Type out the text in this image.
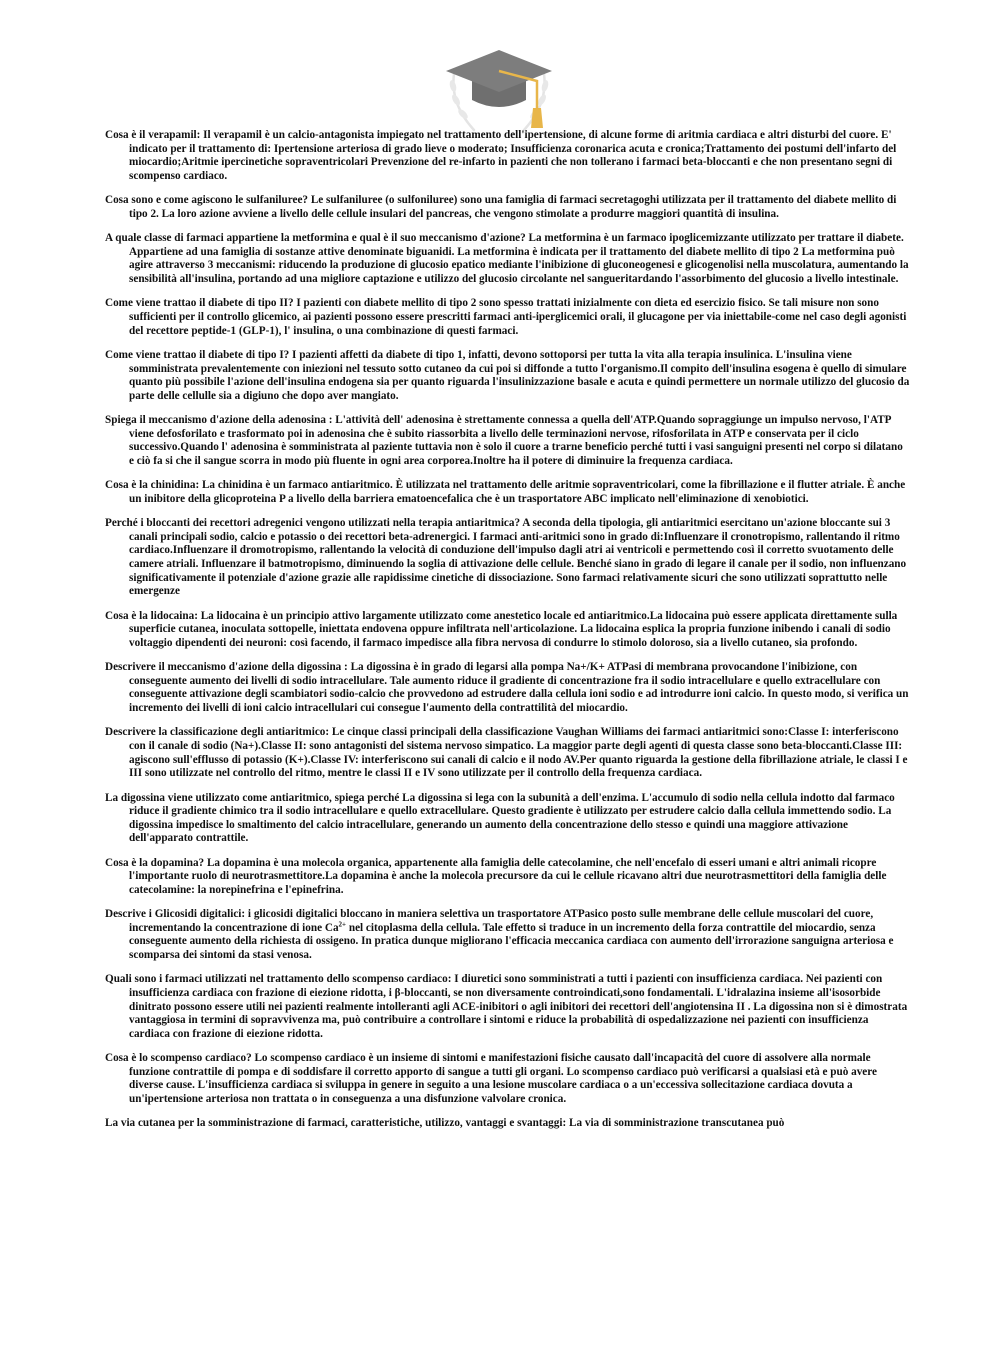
Cosa è il verapamil: Il verapamil è un calcio-antagonista impiegato nel trattamento dell'ipertensione, di alcune forme di aritmia cardiaca e altri disturbi del cuore. E' indicato per il trattamento di: Ipertensione arteriosa di grado lieve o moderato; Insufficienza coronarica acuta e cronica;Trattamento dei postumi dell'infarto del miocardio;Aritmie ipercinetiche sopraventricolari Prevenzione del re-infarto in pazienti che non tollerano i farmaci beta-bloccanti e che non presentano segni di scompenso cardiaco.

Cosa sono e come agiscono le sulfaniluree? Le sulfaniluree (o sulfoniluree) sono una famiglia di farmaci secretagoghi utilizzata per il trattamento del diabete mellito di tipo 2. La loro azione avviene a livello delle cellule insulari del pancreas, che vengono stimolate a produrre maggiori quantità di insulina.

A quale classe di farmaci appartiene la metformina e qual è il suo meccanismo d'azione? La metformina è un farmaco ipoglicemizzante utilizzato per trattare il diabete. Appartiene ad una famiglia di sostanze attive denominate biguanidi. La metformina è indicata per il trattamento del diabete mellito di tipo 2 La metformina può agire attraverso 3 meccanismi: riducendo la produzione di glucosio epatico mediante l'inibizione di gluconeogenesi e glicogenolisi nella muscolatura, aumentando la sensibilità all'insulina, portando ad una migliore captazione e utilizzo del glucosio circolante nel sangueritardando l'assorbimento del glucosio a livello intestinale.

Come viene trattao il diabete di tipo II? I pazienti con diabete mellito di tipo 2 sono spesso trattati inizialmente con dieta ed esercizio fisico. Se tali misure non sono sufficienti per il controllo glicemico, ai pazienti possono essere prescritti farmaci anti-iperglicemici orali, il glucagone per via iniettabile-come nel caso degli agonisti del recettore peptide-1 (GLP-1), l' insulina, o una combinazione di questi farmaci.

Come viene trattao il diabete di tipo I? I pazienti affetti da diabete di tipo 1, infatti, devono sottoporsi per tutta la vita alla terapia insulinica. L'insulina viene somministrata prevalentemente con iniezioni nel tessuto sotto cutaneo da cui poi si diffonde a tutto l'organismo.Il compito dell'insulina esogena è quello di simulare quanto più possibile l'azione dell'insulina endogena sia per quanto riguarda l'insulinizzazione basale e acuta e quindi permettere un normale utilizzo del glucosio da parte delle cellulle sia a digiuno che dopo aver mangiato.

Spiega il meccanismo d'azione della adenosina : L'attività dell' adenosina è strettamente connessa a quella dell'ATP.Quando sopraggiunge un impulso nervoso, l'ATP viene defosforilato e trasformato poi in adenosina che è subito riassorbita a livello delle terminazioni nervose, rifosforilata in ATP e conservata per il ciclo successivo.Quando l' adenosina è somministrata al paziente tuttavia non è solo il cuore a trarne beneficio perché tutti i vasi sanguigni presenti nel corpo si dilatano e ciò fa si che il sangue scorra in modo più fluente in ogni area corporea.Inoltre ha il potere di diminuire la frequenza cardiaca.

Cosa è la chinidina: La chinidina è un farmaco antiaritmico. È utilizzata nel trattamento delle aritmie sopraventricolari, come la fibrillazione e il flutter atriale. È anche un inibitore della glicoproteina P a livello della barriera ematoencefalica che è un trasportatore ABC implicato nell'eliminazione di xenobiotici.

Perché i bloccanti dei recettori adregenici vengono utilizzati nella terapia antiaritmica? A seconda della tipologia, gli antiaritmici esercitano un'azione bloccante sui 3 canali principali sodio, calcio e potassio o dei recettori beta-adrenergici. I farmaci anti-aritmici sono in grado di:Influenzare il cronotropismo, rallentando il ritmo cardiaco.Influenzare il dromotropismo, rallentando la velocità di conduzione dell'impulso dagli atri ai ventricoli e permettendo così il corretto svuotamento delle camere atriali. Influenzare il batmotropismo, diminuendo la soglia di attivazione delle cellule. Benché siano in grado di legare il canale per il sodio, non influenzano significativamente il potenziale d'azione grazie alle rapidissime cinetiche di dissociazione. Sono farmaci relativamente sicuri che sono utilizzati soprattutto nelle emergenze

Cosa è la lidocaina: La lidocaina è un principio attivo largamente utilizzato come anestetico locale ed antiaritmico.La lidocaina può essere applicata direttamente sulla superficie cutanea, inoculata sottopelle, iniettata endovena oppure infiltrata nell'articolazione. La lidocaina esplica la propria funzione inibendo i canali di sodio voltaggio dipendenti dei neuroni: così facendo, il farmaco impedisce alla fibra nervosa di condurre lo stimolo doloroso, sia a livello cutaneo, sia profondo.

Descrivere il meccanismo d'azione della digossina : La digossina è in grado di legarsi alla pompa Na+/K+ ATPasi di membrana provocandone l'inibizione, con conseguente aumento dei livelli di sodio intracellulare. Tale aumento riduce il gradiente di concentrazione fra il sodio intracellulare e quello extracellulare con conseguente attivazione degli scambiatori sodio-calcio che provvedono ad estrudere dalla cellula ioni sodio e ad introdurre ioni calcio. In questo modo, si verifica un incremento dei livelli di ioni calcio intracellulari cui consegue l'aumento della contrattilità del miocardio.

Descrivere la classificazione degli antiaritmico: Le cinque classi principali della classificazione Vaughan Williams dei farmaci antiaritmici sono:Classe I: interferiscono con il canale di sodio (Na+).Classe II: sono antagonisti del sistema nervoso simpatico. La maggior parte degli agenti di questa classe sono beta-bloccanti.Classe III: agiscono sull'efflusso di potassio (K+).Classe IV: interferiscono sui canali di calcio e il nodo AV.Per quanto riguarda la gestione della fibrillazione atriale, le classi I e III sono utilizzate nel controllo del ritmo, mentre le classi II e IV sono utilizzate per il controllo della frequenza cardiaca.

La digossina viene utilizzato come antiaritmico, spiega perché La digossina si lega con la subunità a dell'enzima. L'accumulo di sodio nella cellula indotto dal farmaco riduce il gradiente chimico tra il sodio intracellulare e quello extracellulare. Questo gradiente è utilizzato per estrudere calcio dalla cellula immettendo sodio. La digossina impedisce lo smaltimento del calcio intracellulare, generando un aumento della concentrazione dello stesso e quindi una maggiore attivazione dell'apparato contrattile.

Cosa è la dopamina? La dopamina è una molecola organica, appartenente alla famiglia delle catecolamine, che nell'encefalo di esseri umani e altri animali ricopre l'importante ruolo di neurotrasmettitore.La dopamina è anche la molecola precursore da cui le cellule ricavano altri due neurotrasmettitori della famiglia delle catecolamine: la norepinefrina e l'epinefrina.

Descrive i Glicosidi digitalici: i glicosidi digitalici bloccano in maniera selettiva un trasportatore ATPasico posto sulle membrane delle cellule muscolari del cuore, incrementando la concentrazione di ione $Ca^{2+}$ nel citoplasma della cellula. Tale effetto si traduce in un incremento della forza contrattile del miocardio, senza conseguente aumento della richiesta di ossigeno. In pratica dunque migliorano l'efficacia meccanica cardiaca con aumento dell'irrorazione sanguigna arteriosa e scomparsa dei sintomi da stasi venosa.

Quali sono i farmaci utilizzati nel trattamento dello scompenso cardiaco: I diuretici sono somministrati a tutti i pazienti con insufficienza cardiaca. Nei pazienti con insufficienza cardiaca con frazione di eiezione ridotta, i β-bloccanti, se non diversamente controindicati,sono fondamentali. L'idralazina insieme all'isosorbide dinitrato possono essere utili nei pazienti realmente intolleranti agli ACE-inibitori o agli inibitori dei recettori dell'angiotensina II . La digossina non si è dimostrata vantaggiosa in termini di sopravvivenza ma, può contribuire a controllare i sintomi e riduce la probabilità di ospedalizzazione nei pazienti con insufficienza cardiaca con frazione di eiezione ridotta.

Cosa è lo scompenso cardiaco? Lo scompenso cardiaco è un insieme di sintomi e manifestazioni fisiche causato dall'incapacità del cuore di assolvere alla normale funzione contrattile di pompa e di soddisfare il corretto apporto di sangue a tutti gli organi. Lo scompenso cardiaco può verificarsi a qualsiasi età e può avere diverse cause. L'insufficienza cardiaca si sviluppa in genere in seguito a una lesione muscolare cardiaca o a un'eccessiva sollecitazione cardiaca dovuta a un'ipertensione arteriosa non trattata o in conseguenza a una disfunzione valvolare cronica.

La via cutanea per la somministrazione di farmaci, caratteristiche, utilizzo, vantaggi e svantaggi: La via di somministrazione transcutanea può
